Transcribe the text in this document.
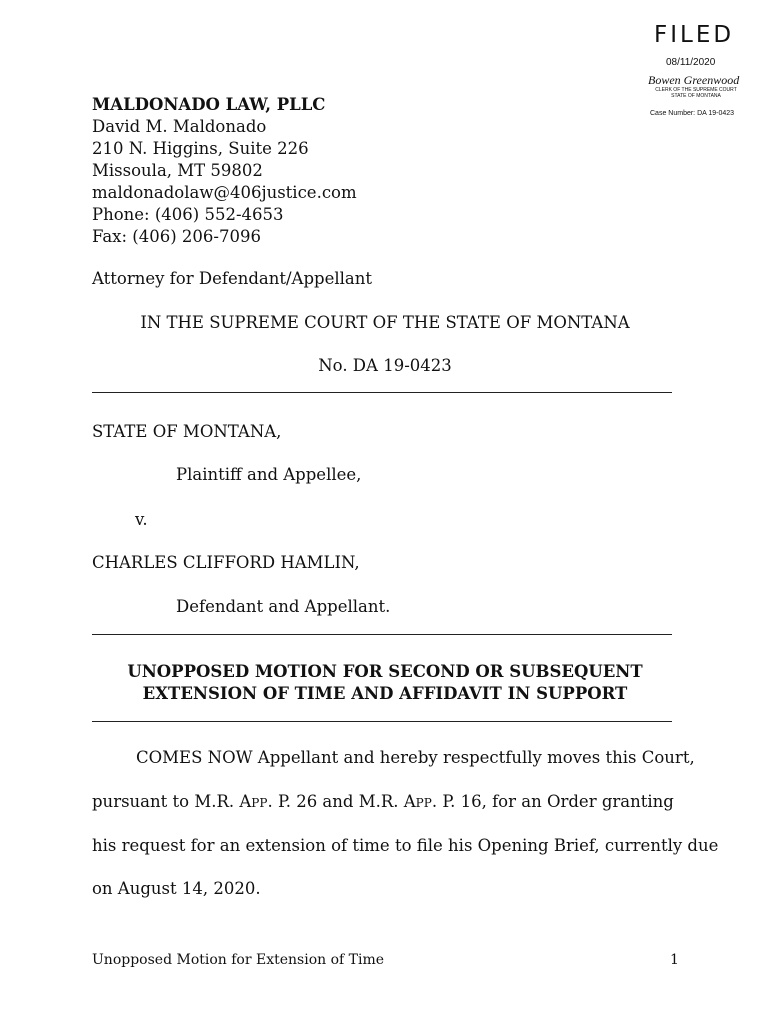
FILED
08/11/2020
Bowen Greenwood
CLERK OF THE SUPREME COURT
STATE OF MONTANA
Case Number: DA 19-0423
MALDONADO LAW, PLLC
David M. Maldonado
210 N. Higgins, Suite 226
Missoula, MT 59802
maldonadolaw@406justice.com
Phone: (406) 552-4653
Fax: (406) 206-7096
Attorney for Defendant/Appellant
IN THE SUPREME COURT OF THE STATE OF MONTANA
No. DA 19-0423
STATE OF MONTANA,
Plaintiff and Appellee,
v.
CHARLES CLIFFORD HAMLIN,
Defendant and Appellant.
UNOPPOSED MOTION FOR SECOND OR SUBSEQUENT
EXTENSION OF TIME AND AFFIDAVIT IN SUPPORT
COMES NOW Appellant and hereby respectfully moves this Court,
pursuant to M.R. App. P. 26 and M.R. App. P. 16, for an Order granting
his request for an extension of time to file his Opening Brief, currently due
on August 14, 2020.
Unopposed Motion for Extension of Time	1
